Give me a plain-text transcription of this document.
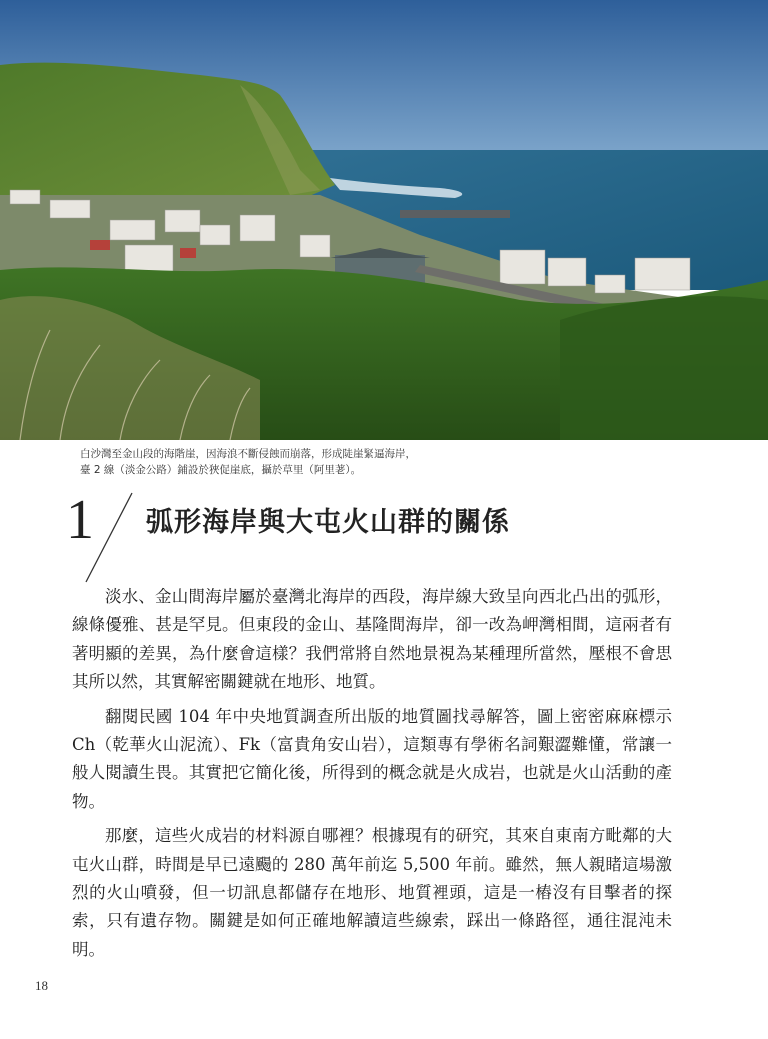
白沙灣至金山段的海階崖，因海浪不斷侵蝕而崩落，形成陡崖緊逼海岸，
臺 2 線（淡金公路）鋪設於狹促崖底，攝於草里（阿里荖）。
1 弧形海岸與大屯火山群的關係

淡水、金山間海岸屬於臺灣北海岸的西段，海岸線大致呈向西北凸出的弧形，線條優雅、甚是罕見。但東段的金山、基隆間海岸，卻一改為岬灣相間，這兩者有著明顯的差異，為什麼會這樣？我們常將自然地景視為某種理所當然，壓根不會思其所以然，其實解密關鍵就在地形、地質。

翻閱民國 104 年中央地質調查所出版的地質圖找尋解答，圖上密密麻麻標示 Ch（乾華火山泥流）、Fk（富貴角安山岩），這類專有學術名詞艱澀難懂，常讓一般人閱讀生畏。其實把它簡化後，所得到的概念就是火成岩，也就是火山活動的產物。

那麼，這些火成岩的材料源自哪裡？根據現有的研究，其來自東南方毗鄰的大屯火山群，時間是早已遠颺的 280 萬年前迄 5,500 年前。雖然，無人親睹這場激烈的火山噴發，但一切訊息都儲存在地形、地質裡頭，這是一樁沒有目擊者的探索，只有遺存物。關鍵是如何正確地解讀這些線索，踩出一條路徑，通往混沌未明。

18
